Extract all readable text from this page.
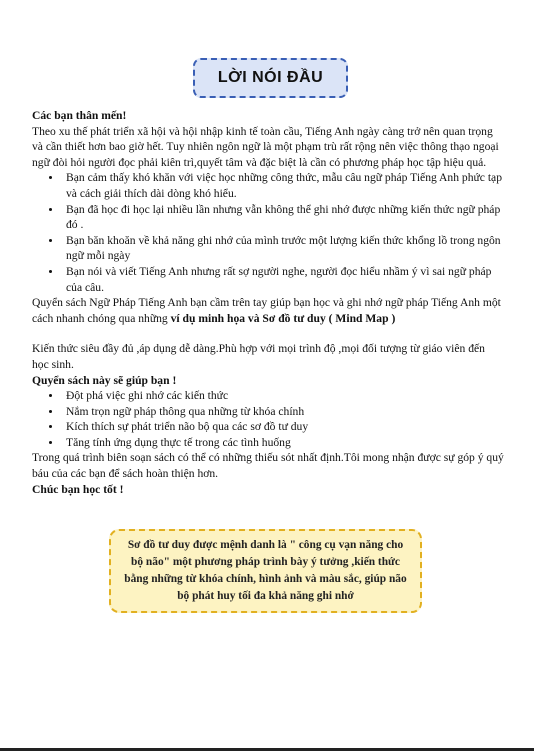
LỜI NÓI ĐẦU

Các bạn thân mến!

Theo xu thế phát triển xã hội và hội nhập kinh tế toàn cầu, Tiếng Anh ngày càng trở nên quan trọng và cần thiết hơn bao giờ hết. Tuy nhiên ngôn ngữ là một phạm trù rất rộng nên việc thông thạo ngoại ngữ đòi hỏi người đọc phải kiên trì,quyết tâm và đặc biệt là cần có phương pháp học tập hiệu quả.

• Bạn cảm thấy khó khăn với việc học những công thức, mẫu câu ngữ pháp Tiếng Anh phức tạp và cách giải thích dài dòng khó hiểu.
• Bạn đã học đi học lại nhiều lần nhưng vẫn không thể ghi nhớ được những kiến thức ngữ pháp đó .
• Bạn băn khoăn về khả năng ghi nhớ của mình trước một lượng kiến thức khổng lồ trong ngôn ngữ mỗi ngày
• Bạn nói và viết Tiếng Anh nhưng rất sợ người nghe, người đọc hiểu nhầm ý vì sai ngữ pháp của câu.

Quyển sách Ngữ Pháp Tiếng Anh bạn cầm trên tay giúp bạn học và ghi nhớ ngữ pháp Tiếng Anh một cách nhanh chóng qua những ví dụ minh họa và Sơ đồ tư duy ( Mind Map )

Kiến thức siêu đầy đủ ,áp dụng dễ dàng.Phù hợp với mọi trình độ ,mọi đối tượng từ giáo viên đến học sinh.

Quyển sách này sẽ giúp bạn !

• Đột phá việc ghi nhớ các kiến thức
• Nắm trọn ngữ pháp thông qua những từ khóa chính
• Kích thích sự phát triển não bộ qua các sơ đồ tư duy
• Tăng tính ứng dụng thực tế trong các tình huống

Trong quá trình biên soạn sách có thể có những thiếu sót nhất định.Tôi mong nhận được sự góp ý quý báu của các bạn để sách hoàn thiện hơn.

Chúc bạn học tốt !

Sơ đồ tư duy được mệnh danh là " công cụ vạn năng cho bộ não" một phương pháp trình bày ý tưởng ,kiến thức bằng những từ khóa chính, hình ảnh và màu sắc, giúp não bộ phát huy tối đa khả năng ghi nhớ
